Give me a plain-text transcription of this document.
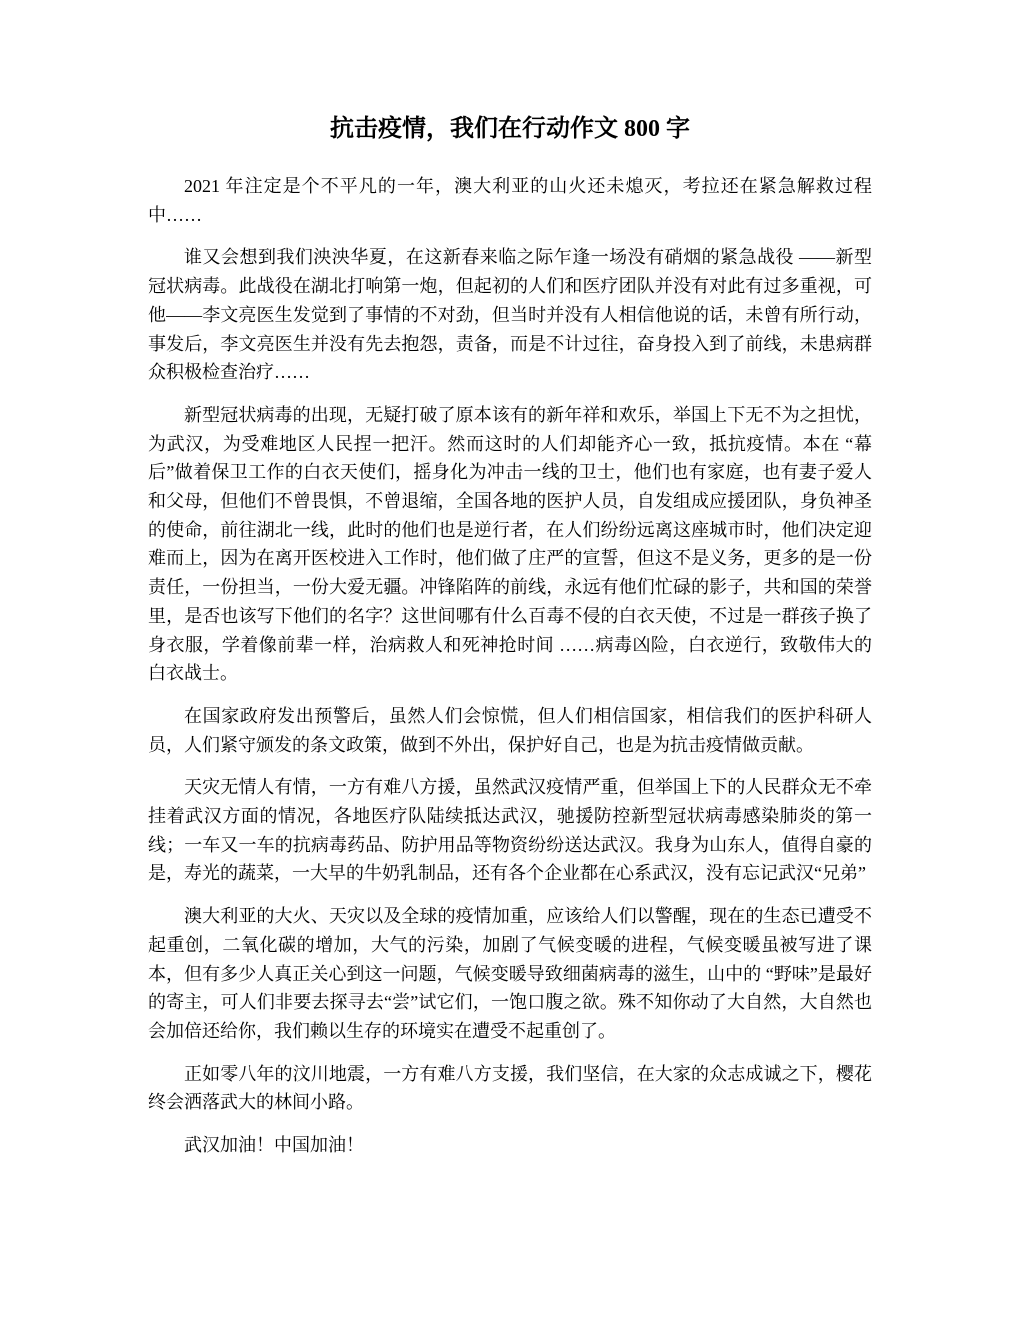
抗击疫情，我们在行动作文 800 字

2021 年注定是个不平凡的一年，澳大利亚的山火还未熄灭，考拉还在紧急解救过程中……

谁又会想到我们泱泱华夏，在这新春来临之际乍逢一场没有硝烟的紧急战役 ——新型冠状病毒。此战役在湖北打响第一炮，但起初的人们和医疗团队并没有对此有过多重视，可他——李文亮医生发觉到了事情的不对劲，但当时并没有人相信他说的话，未曾有所行动，事发后，李文亮医生并没有先去抱怨，责备，而是不计过往，奋身投入到了前线，未患病群众积极检查治疗……

新型冠状病毒的出现，无疑打破了原本该有的新年祥和欢乐，举国上下无不为之担忧，为武汉，为受难地区人民捏一把汗。然而这时的人们却能齐心一致，抵抗疫情。本在 “幕后”做着保卫工作的白衣天使们，摇身化为冲击一线的卫士，他们也有家庭，也有妻子爱人和父母，但他们不曾畏惧，不曾退缩，全国各地的医护人员，自发组成应援团队，身负神圣的使命，前往湖北一线，此时的他们也是逆行者，在人们纷纷远离这座城市时，他们决定迎难而上，因为在离开医校进入工作时，他们做了庄严的宣誓，但这不是义务，更多的是一份责任，一份担当，一份大爱无疆。冲锋陷阵的前线，永远有他们忙碌的影子，共和国的荣誉里，是否也该写下他们的名字？这世间哪有什么百毒不侵的白衣天使，不过是一群孩子换了身衣服，学着像前辈一样，治病救人和死神抢时间 ……病毒凶险，白衣逆行，致敬伟大的白衣战士。

在国家政府发出预警后，虽然人们会惊慌，但人们相信国家，相信我们的医护科研人员，人们紧守颁发的条文政策，做到不外出，保护好自己，也是为抗击疫情做贡献。

天灾无情人有情，一方有难八方援，虽然武汉疫情严重，但举国上下的人民群众无不牵挂着武汉方面的情况，各地医疗队陆续抵达武汉，驰援防控新型冠状病毒感染肺炎的第一线；一车又一车的抗病毒药品、防护用品等物资纷纷送达武汉。我身为山东人，值得自豪的是，寿光的蔬菜，一大早的牛奶乳制品，还有各个企业都在心系武汉，没有忘记武汉“兄弟”

澳大利亚的大火、天灾以及全球的疫情加重，应该给人们以警醒，现在的生态已遭受不起重创，二氧化碳的增加，大气的污染，加剧了气候变暖的进程，气候变暖虽被写进了课本，但有多少人真正关心到这一问题，气候变暖导致细菌病毒的滋生，山中的 “野味”是最好的寄主，可人们非要去探寻去“尝”试它们，一饱口腹之欲。殊不知你动了大自然，大自然也会加倍还给你，我们赖以生存的环境实在遭受不起重创了。

正如零八年的汶川地震，一方有难八方支援，我们坚信，在大家的众志成诚之下，樱花终会洒落武大的林间小路。

武汉加油！中国加油！
